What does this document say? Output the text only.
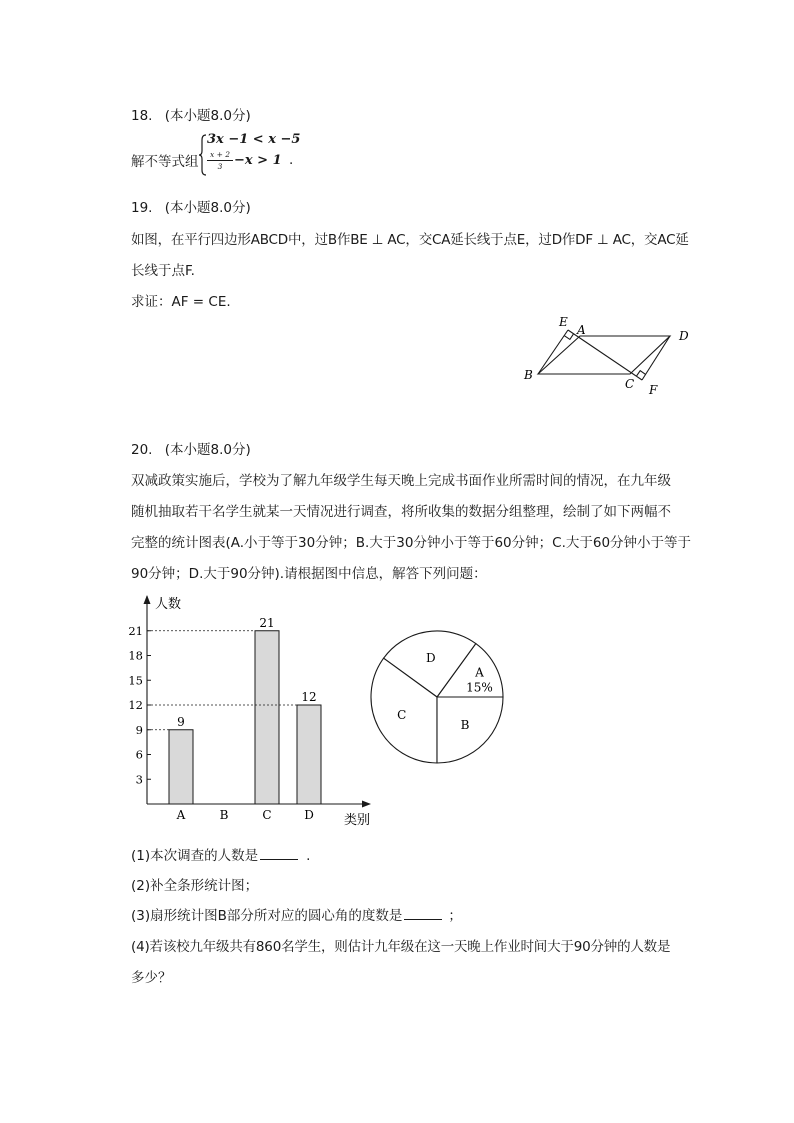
18. (本小题8.0分)
解不等式组
3x −1 < x −5
x + 2
3 −x > 1 .
19. (本小题8.0分)
如图，在平行四边形ABCD中，过B作BE ⊥ AC，交CA延长线于点E，过D作DF ⊥ AC，交AC延
长线于点F.
求证：AF = CE.
E
A	D
B
C F
20. (本小题8.0分)
双减政策实施后，学校为了解九年级学生每天晚上完成书面作业所需时间的情况，在九年级
随机抽取若干名学生就某一天情况进行调查，将所收集的数据分组整理，绘制了如下两幅不
完整的统计图表(A.小于等于30分钟；B.大于30分钟小于等于60分钟；C.大于60分钟小于等于
90分钟；D.大于90分钟).请根据图中信息，解答下列问题：
人数
类别
3
6
9
12
15
18
21
9
21
12
A	B	C	D
A
15%
D
C
B
(1)本次调查的人数是	.
(2)补全条形统计图；
(3)扇形统计图B部分所对应的圆心角的度数是	；
(4)若该校九年级共有860名学生，则估计九年级在这一天晚上作业时间大于90分钟的人数是
多少？
